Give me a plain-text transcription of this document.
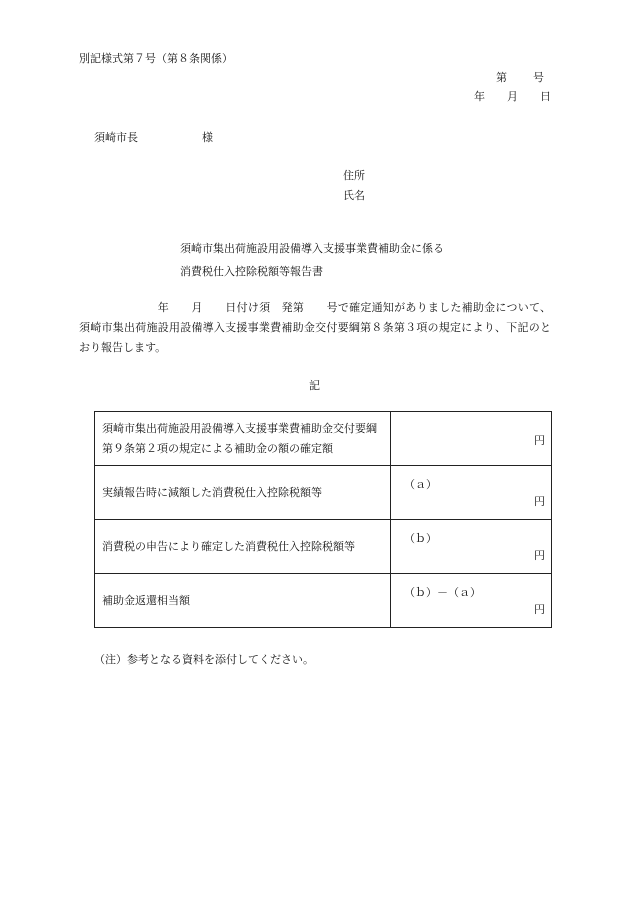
別記様式第７号（第８条関係）
第 号
年 月 日
須崎市長	様
住所
氏名
須崎市集出荷施設用設備導入支援事業費補助金に係る
消費税仕入控除税額等報告書
　　　　　　　年　　月　　日付け須　発第　　号で確定通知がありました補助金について、須崎市集出荷施設用設備導入支援事業費補助金交付要綱第８条第３項の規定により、下記のとおり報告します。
記
須崎市集出荷施設用設備導入支援事業費補助金交付要綱第９条第２項の規定による補助金の額の確定額	円

実績報告時に減額した消費税仕入控除税額等	（ａ）
円

消費税の申告により確定した消費税仕入控除税額等	（ｂ）
円

補助金返還相当額	（ｂ）－（ａ）
円
（注）参考となる資料を添付してください。
